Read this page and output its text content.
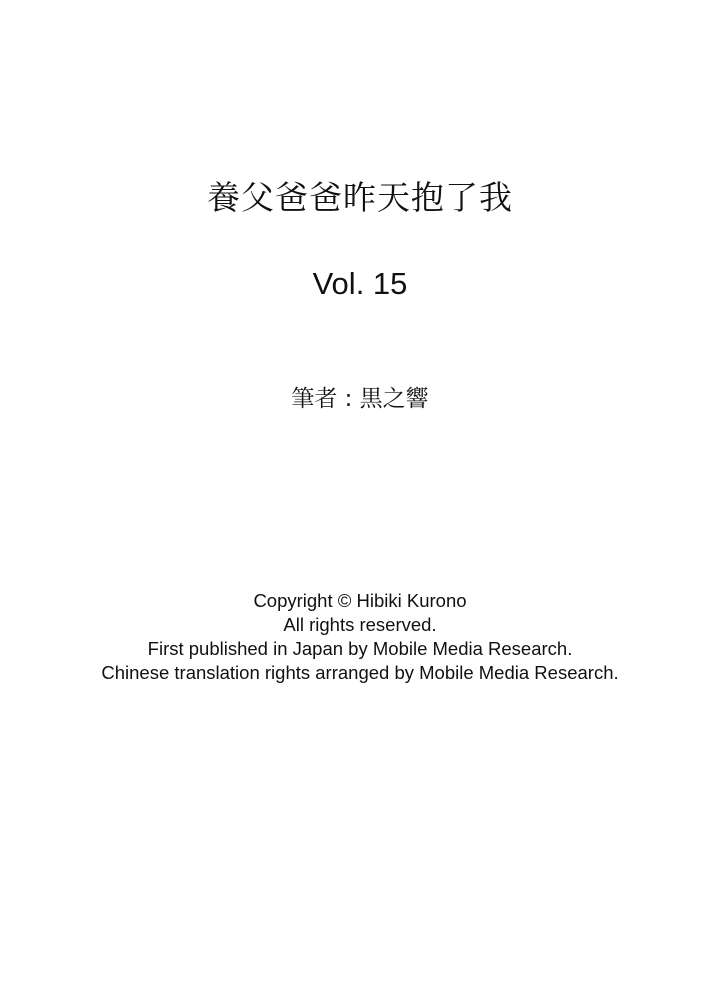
養父爸爸昨天抱了我
Vol. 15
筆者 : 黒之響
Copyright © Hibiki Kurono
All rights reserved.
First published in Japan by Mobile Media Research.
Chinese translation rights arranged by Mobile Media Research.
